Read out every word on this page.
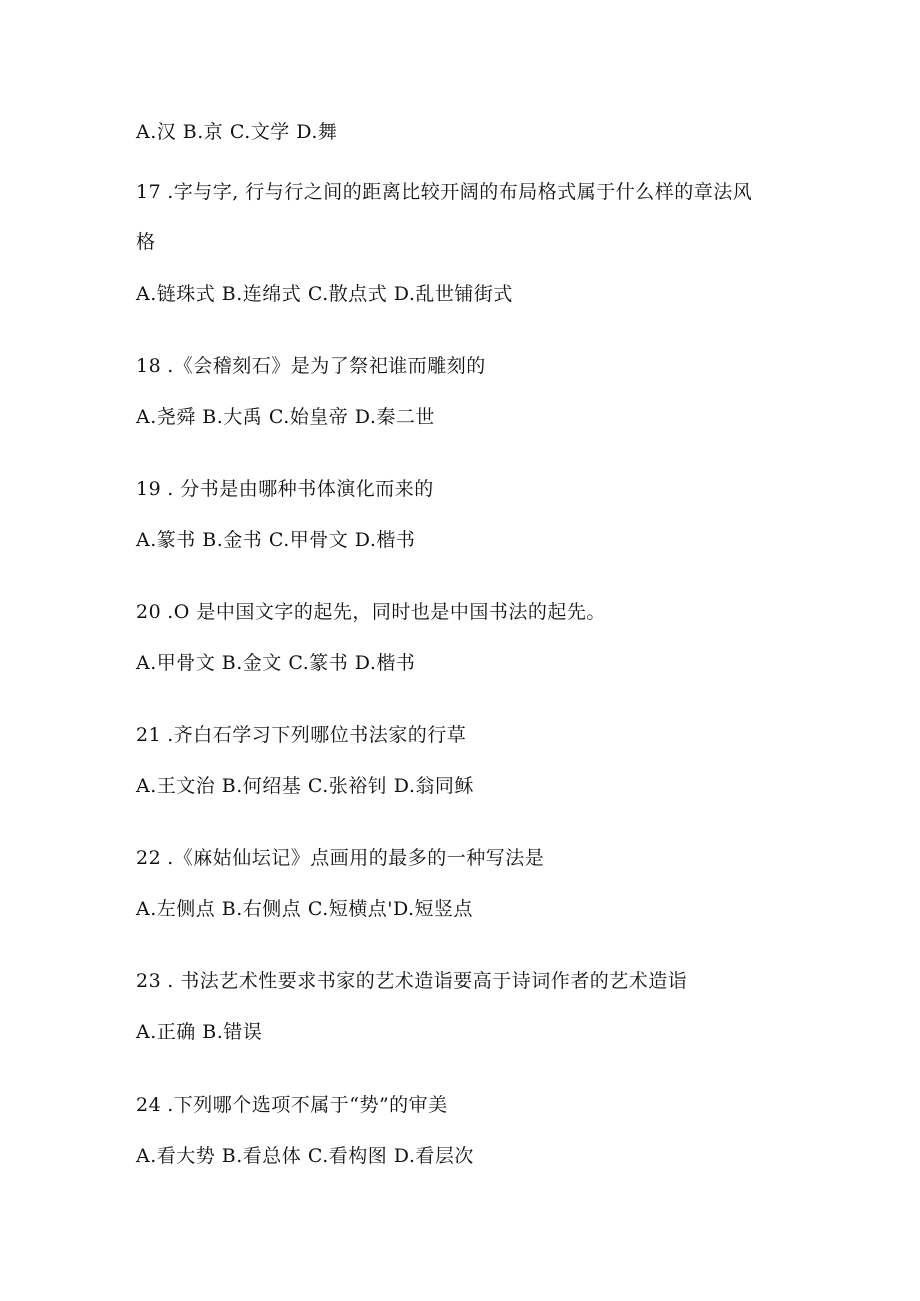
A.汉 B.京 C.文学 D.舞
17 .字与字, 行与行之间的距离比较开阔的布局格式属于什么样的章法风
格
A.链珠式 B.连绵式 C.散点式 D.乱世铺街式
18 .《会稽刻石》是为了祭祀谁而雕刻的
A.尧舜 B.大禹 C.始皇帝 D.秦二世
19 . 分书是由哪种书体演化而来的
A.篆书 B.金书 C.甲骨文 D.楷书
20 .O 是中国文字的起先，同时也是中国书法的起先。
A.甲骨文 B.金文 C.篆书 D.楷书
21 .齐白石学习下列哪位书法家的行草
A.王文治 B.何绍基 C.张裕钊 D.翁同稣
22 .《麻姑仙坛记》点画用的最多的一种写法是
A.左侧点 B.右侧点 C.短横点'D.短竖点
23 . 书法艺术性要求书家的艺术造诣要高于诗词作者的艺术造诣
A.正确 B.错误
24 .下列哪个选项不属于“势”的审美
A.看大势 B.看总体 C.看构图 D.看层次
